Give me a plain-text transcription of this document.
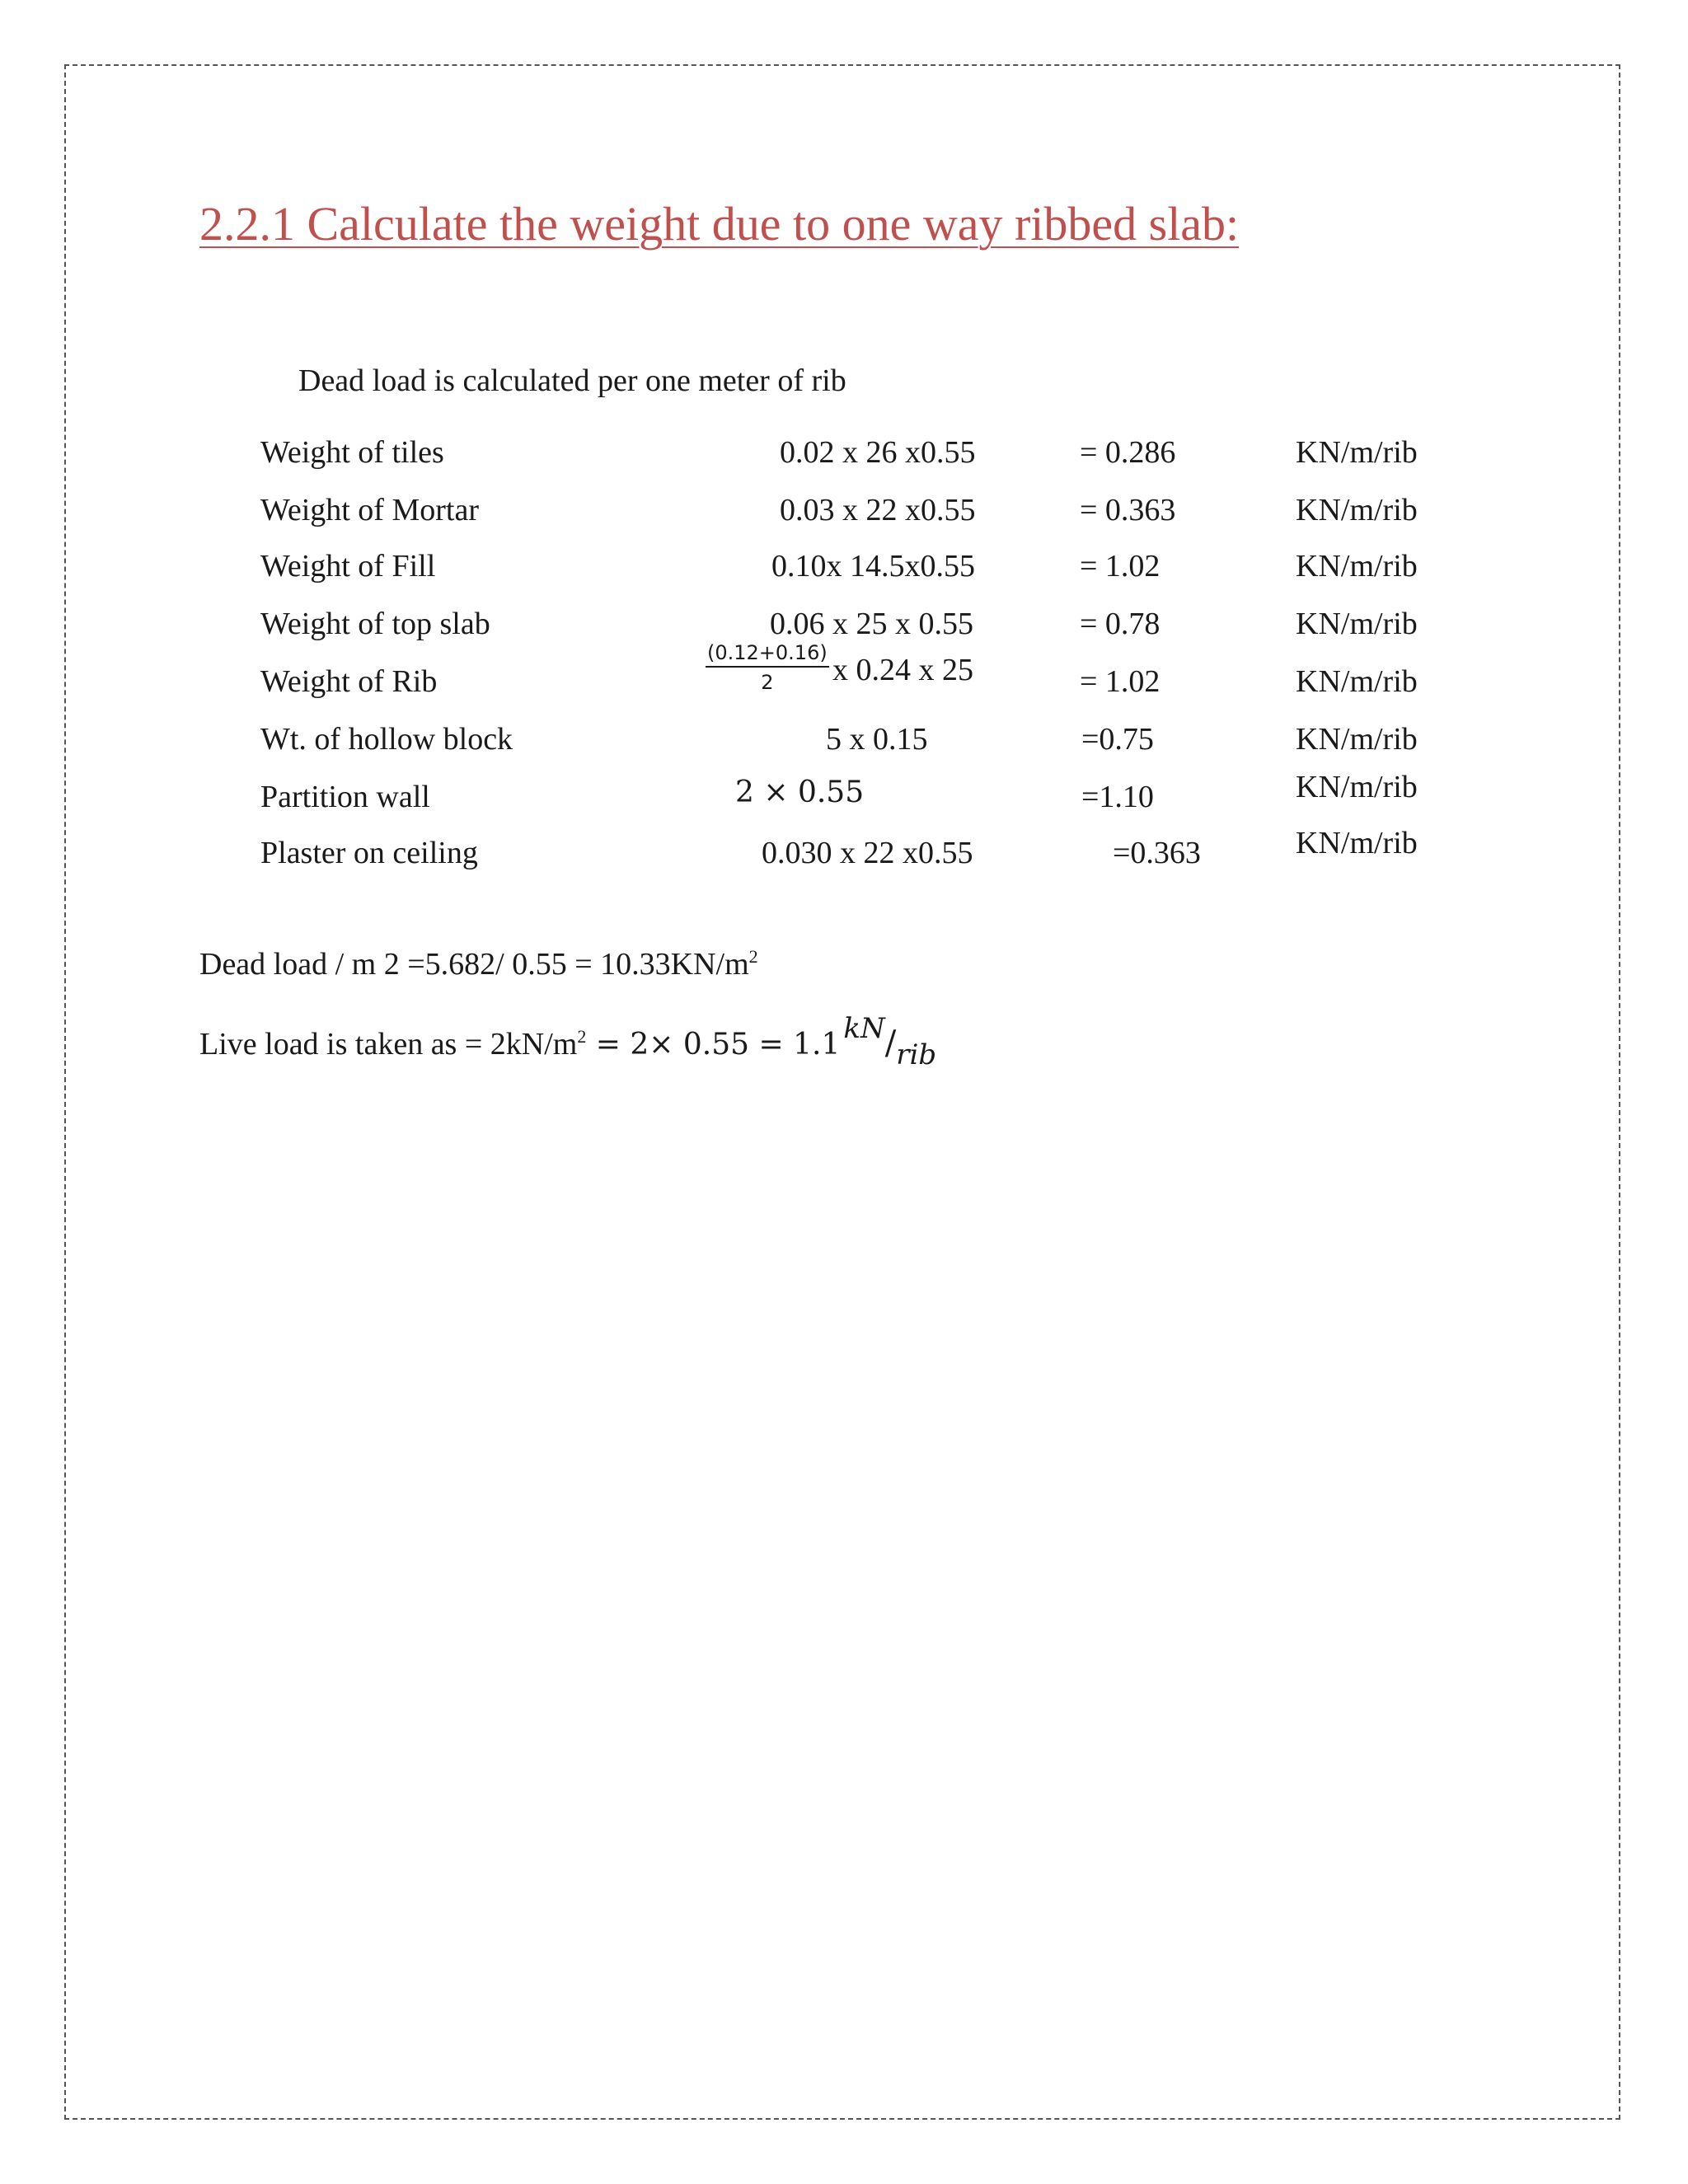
2.2.1 Calculate the weight due to one way ribbed slab:
Dead load is calculated per one meter of rib
Weight of tiles	0.02 x 26 x0.55	= 0.286	KN/m/rib
Weight of Mortar	0.03 x 22 x0.55	= 0.363	KN/m/rib
Weight of Fill	0.10x 14.5x0.55	= 1.02	KN/m/rib
Weight of top slab	0.06 x 25 x 0.55	= 0.78	KN/m/rib
Weight of Rib	$\frac{(0.12+0.16)}{2}$ x 0.24 x 25	= 1.02	KN/m/rib
Wt. of hollow block	5 x 0.15	=0.75	KN/m/rib
Partition wall	2 × 0.55	=1.10	KN/m/rib
Plaster on ceiling	0.030 x 22 x0.55	=0.363	KN/m/rib
Dead load / m 2 =5.682/ $0.55 = 10.33KN/m^2$
Live load is taken as = $2kN/m^2 = 2\times 0.55 = 1.1$ kN/rib
